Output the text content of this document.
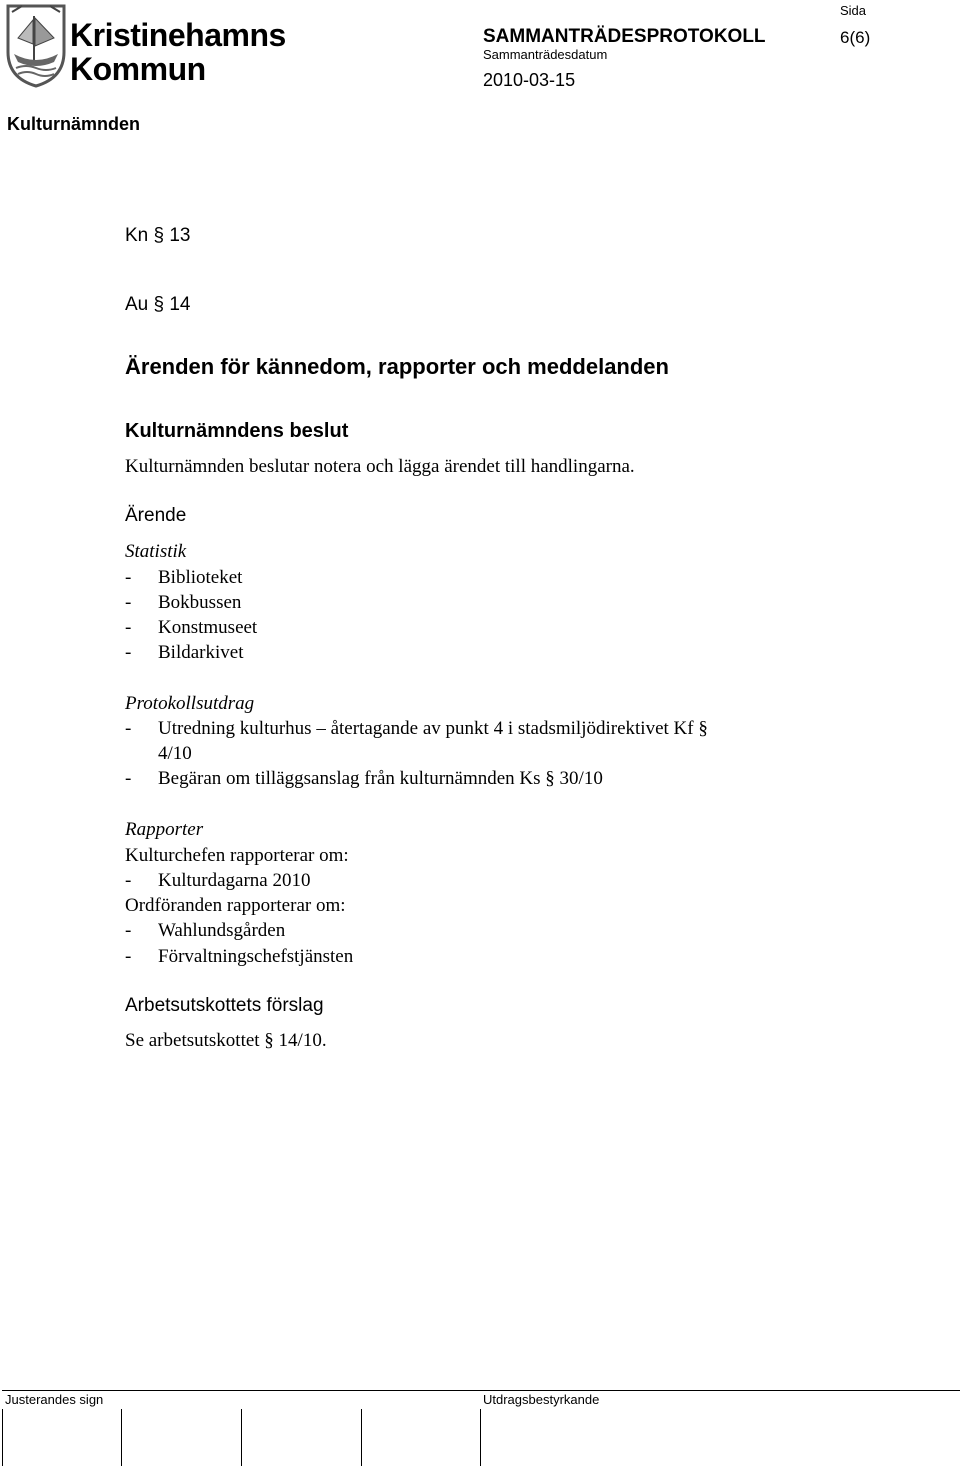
Kristinehamns
Kommun
Sida
6(6)
SAMMANTRÄDESPROTOKOLL
Sammanträdesdatum
2010-03-15
Kulturnämnden
Kn § 13
Au § 14
Ärenden för kännedom, rapporter och meddelanden
Kulturnämndens beslut
Kulturnämnden beslutar notera och lägga ärendet till handlingarna.
Ärende
Statistik
- Biblioteket
- Bokbussen
- Konstmuseet
- Bildarkivet
Protokollsutdrag
- Utredning kulturhus – återtagande av punkt 4 i stadsmiljödirektivet Kf §
4/10
- Begäran om tilläggsanslag från kulturnämnden Ks § 30/10
Rapporter
Kulturchefen rapporterar om:
- Kulturdagarna 2010
Ordföranden rapporterar om:
- Wahlundsgården
- Förvaltningschefstjänsten
Arbetsutskottets förslag
Se arbetsutskottet § 14/10.
Justerandes sign	Utdragsbestyrkande
